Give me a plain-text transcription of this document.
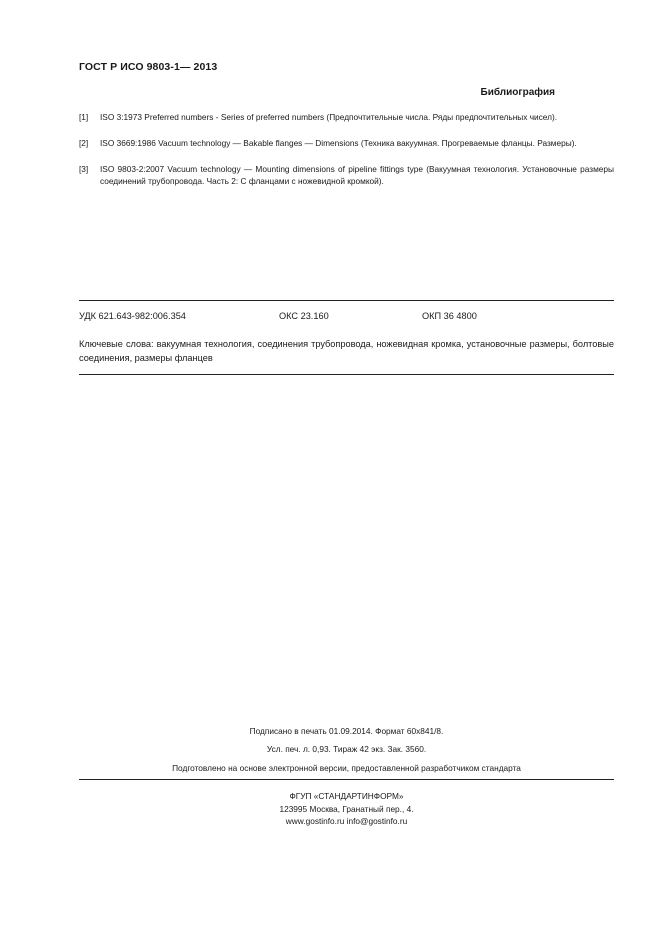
ГОСТ Р ИСО 9803-1— 2013
Библиография
[1]	ISO 3:1973 Preferred numbers - Series of preferred numbers (Предпочтительные числа. Ряды предпочтительных чисел).
[2]	ISO 3669:1986 Vacuum technology — Bakable flanges — Dimensions (Техника вакуумная. Прогреваемые фланцы. Размеры).
[3]	ISO 9803-2:2007 Vacuum technology — Mounting dimensions of pipeline fittings type (Вакуумная технология. Установочные размеры соединений трубопровода. Часть 2: С фланцами с ножевидной кромкой).
УДК 621.643-982:006.354	ОКС 23.160	ОКП 36 4800
Ключевые слова: вакуумная технология, соединения трубопровода, ножевидная кромка, установочные размеры, болтовые соединения, размеры фланцев
Подписано в печать 01.09.2014. Формат 60х841/8.
Усл. печ. л. 0,93. Тираж 42 экз. Зак. 3560.
Подготовлено на основе электронной версии, предоставленной разработчиком стандарта
ФГУП «СТАНДАРТИНФОРМ»
123995 Москва, Гранатный пер., 4.
www.gostinfo.ru info@gostinfo.ru
